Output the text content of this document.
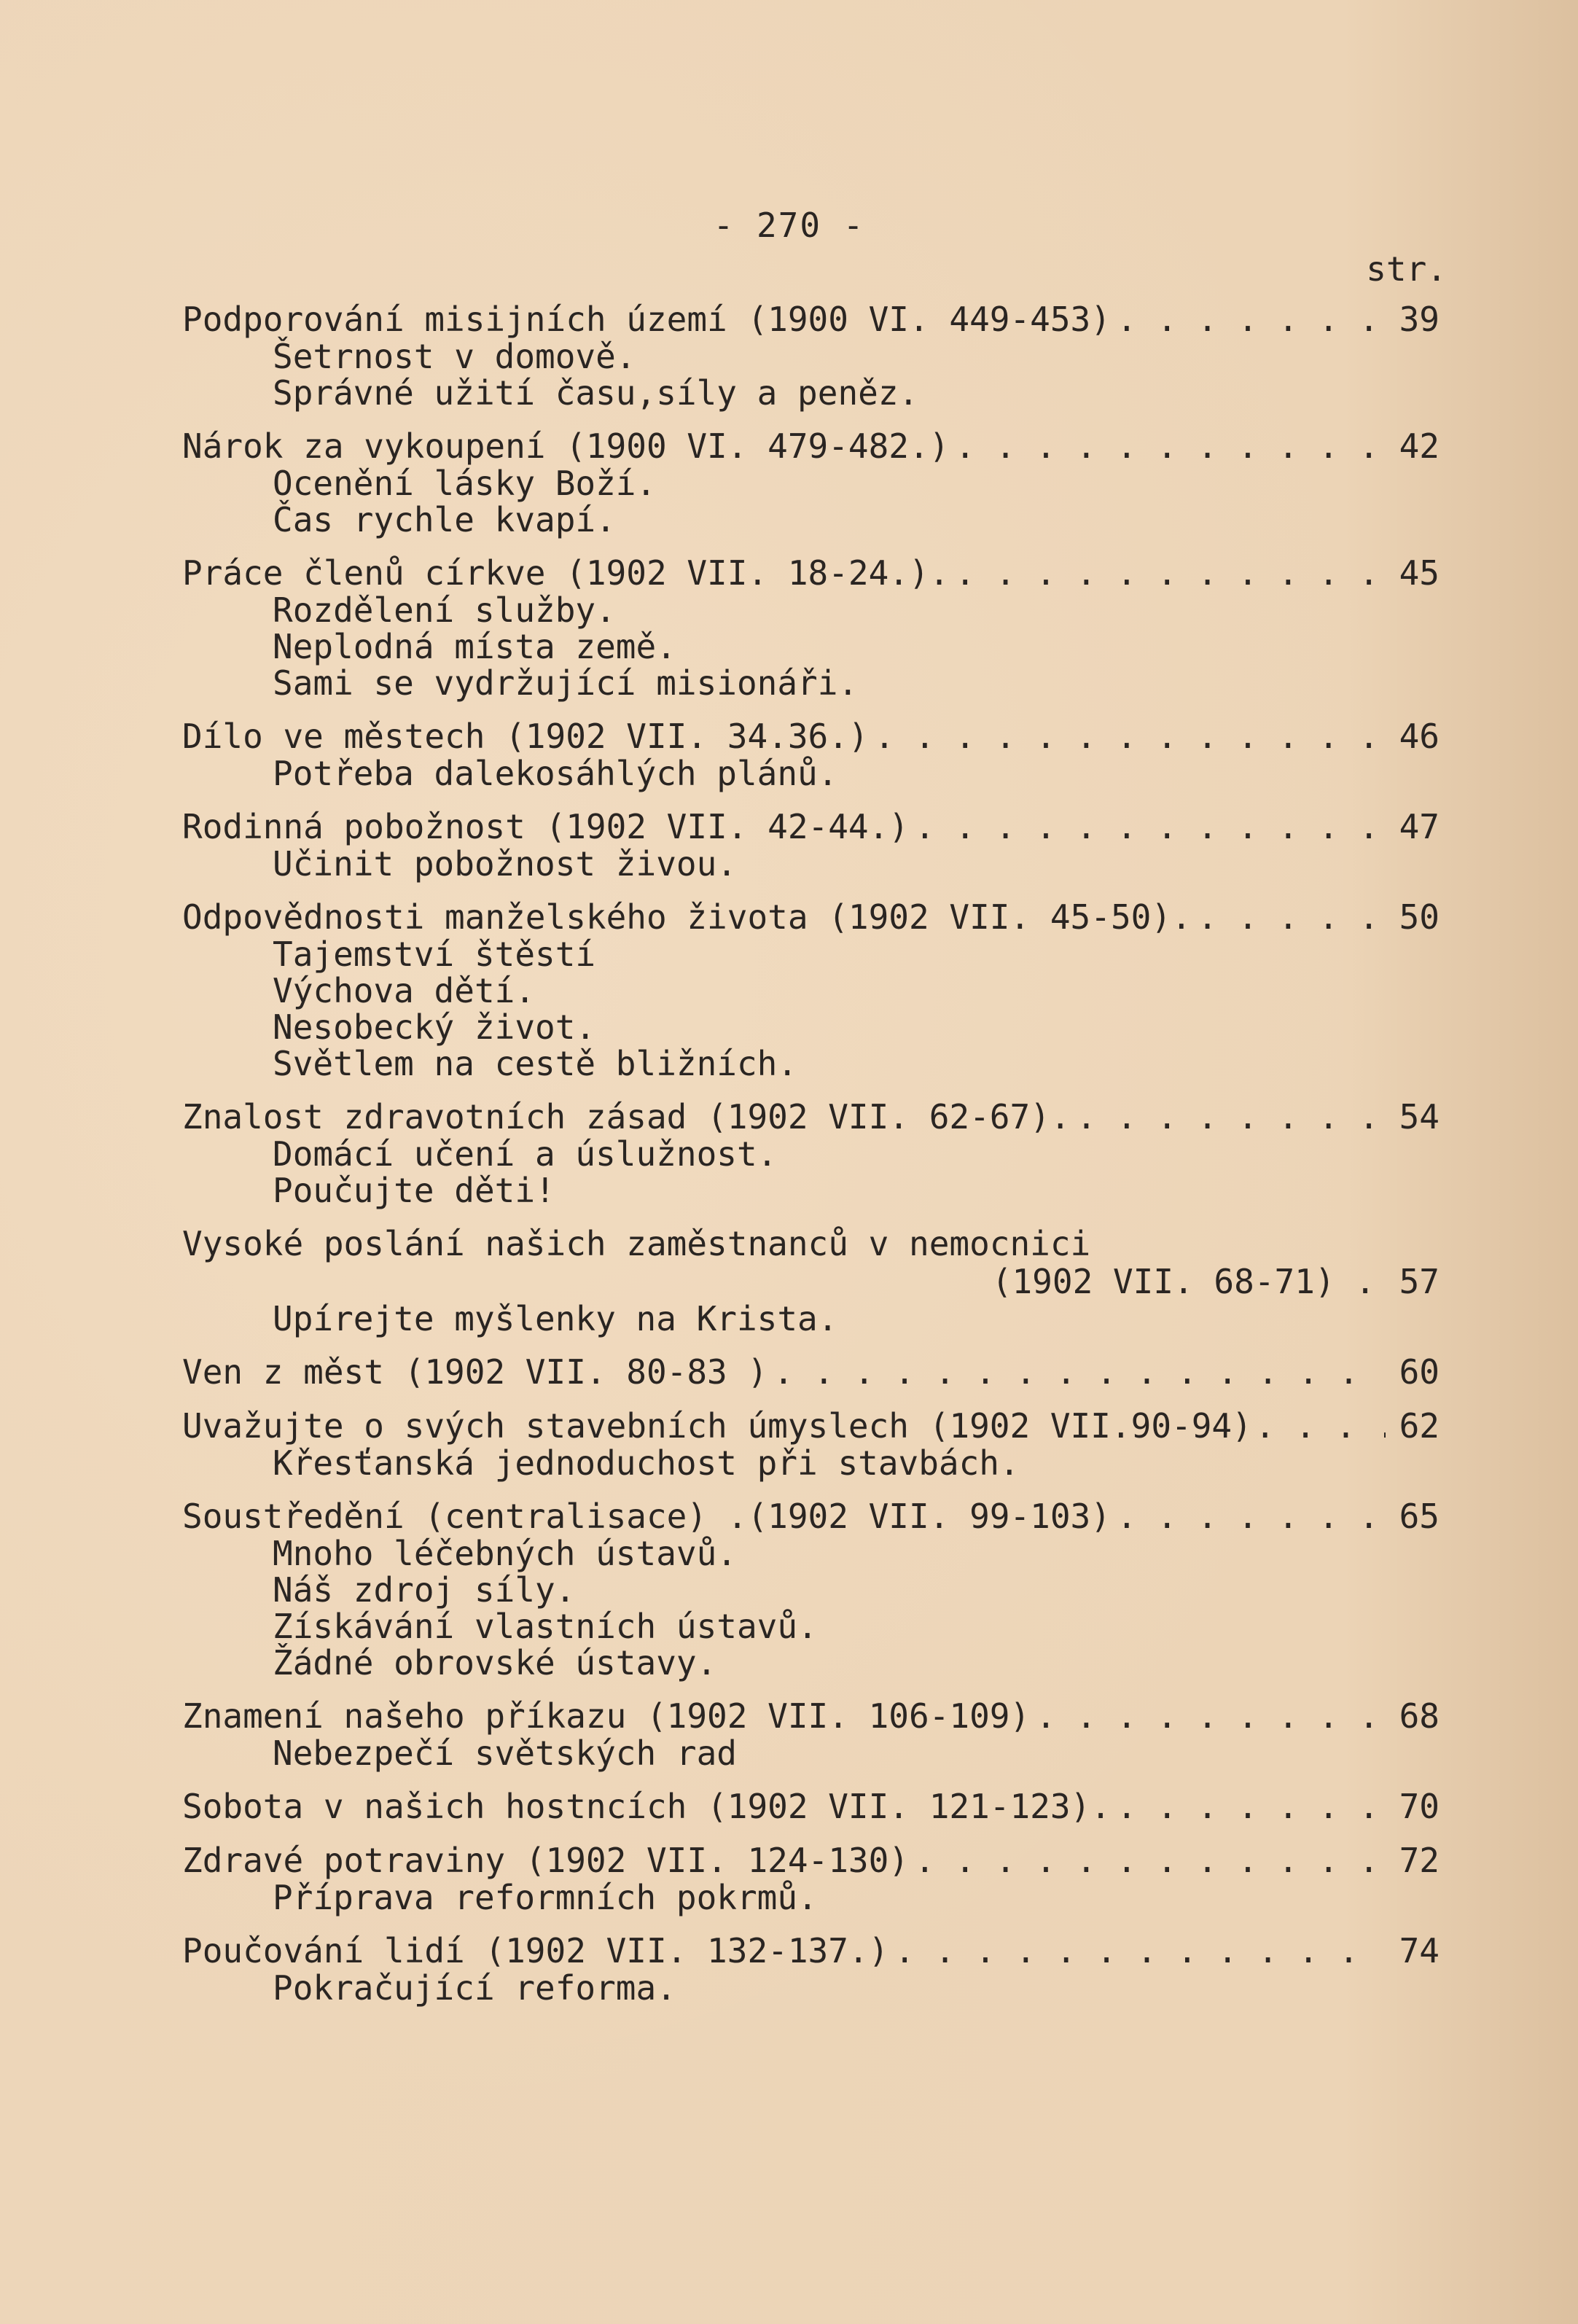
- 270 -
str.
Podporování misijních území (1900 VI. 449-453) . . .	39
Šetrnost v domově.
Správné užití času,síly a peněz.
Nárok za vykoupení (1900 VI. 479-482.) . . .	42
Ocenění lásky Boží.
Čas rychle kvapí.
Práce členů církve (1902 VII. 18-24.). . . .	45
Rozdělení služby.
Neplodná místa země.
Sami se vydržující misionáři.
Dílo ve městech (1902 VII. 34.36.) . . .	46
Potřeba dalekosáhlých plánů.
Rodinná pobožnost (1902 VII. 42-44.) . . .	47
Učinit pobožnost živou.
Odpovědnosti manželského života (1902 VII. 45-50). . . .	50
Tajemství štěstí
Výchova dětí.
Nesobecký život.
Světlem na cestě bližních.
Znalost zdravotních zásad (1902 VII. 62-67). . . .	54
Domácí učení a úslužnost.
Poučujte děti!
Vysoké poslání našich zaměstnanců v nemocnici
(1902 VII. 68-71) . 57
Upírejte myšlenky na Krista.
Ven z měst (1902 VII. 80-83 ) . . .	60
Uvažujte o svých stavebních úmyslech (1902 VII.90-94) . . .	62
Křesťanská jednoduchost při stavbách.
Soustředění (centralisace) .(1902 VII. 99-103) . . .	65
Mnoho léčebných ústavů.
Náš zdroj síly.
Získávání vlastních ústavů.
Žádné obrovské ústavy.
Znamení našeho příkazu (1902 VII. 106-109) . . .	68
Nebezpečí světských rad
Sobota v našich hostncích (1902 VII. 121-123). . . .	70
Zdravé potraviny (1902 VII. 124-130) . . .	72
Příprava reformních pokrmů.
Poučování lidí (1902 VII. 132-137.) . . .	74
Pokračující reforma.
